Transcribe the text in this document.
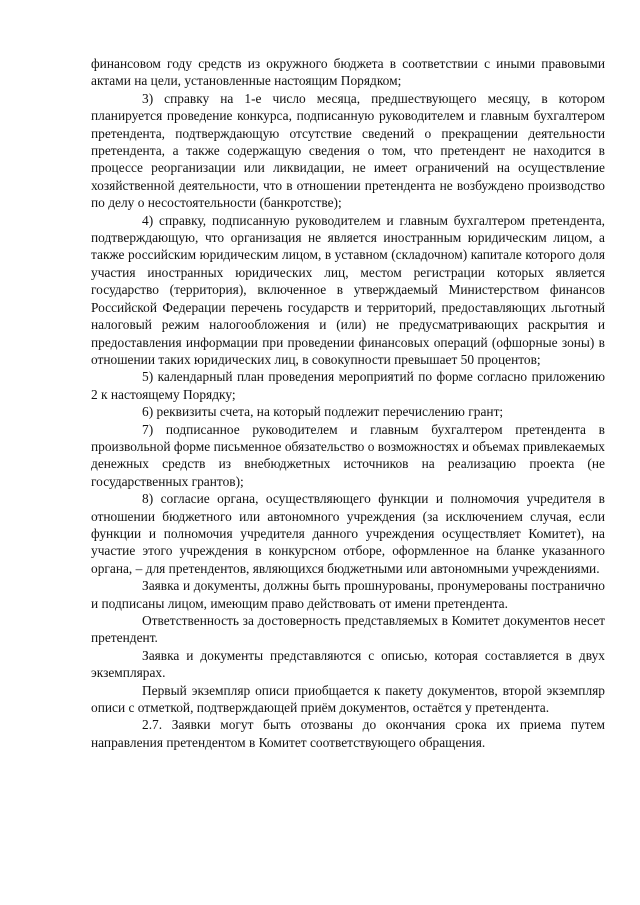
финансовом году средств из окружного бюджета в соответствии с иными правовыми актами на цели, установленные настоящим Порядком;

3) справку на 1-е число месяца, предшествующего месяцу, в котором планируется проведение конкурса, подписанную руководителем и главным бухгалтером претендента, подтверждающую отсутствие сведений о прекращении деятельности претендента, а также содержащую сведения о том, что претендент не находится в процессе реорганизации или ликвидации, не имеет ограничений на осуществление хозяйственной деятельности, что в отношении претендента не возбуждено производство по делу о несостоятельности (банкротстве);

4) справку, подписанную руководителем и главным бухгалтером претендента, подтверждающую, что организация не является иностранным юридическим лицом, а также российским юридическим лицом, в уставном (складочном) капитале которого доля участия иностранных юридических лиц, местом регистрации которых является государство (территория), включенное в утверждаемый Министерством финансов Российской Федерации перечень государств и территорий, предоставляющих льготный налоговый режим налогообложения и (или) не предусматривающих раскрытия и предоставления информации при проведении финансовых операций (офшорные зоны) в отношении таких юридических лиц, в совокупности превышает 50 процентов;

5) календарный план проведения мероприятий по форме согласно приложению 2 к настоящему Порядку;

6) реквизиты счета, на который подлежит перечислению грант;

7) подписанное руководителем и главным бухгалтером претендента в произвольной форме письменное обязательство о возможностях и объемах привлекаемых денежных средств из внебюджетных источников на реализацию проекта (не государственных грантов);

8) согласие органа, осуществляющего функции и полномочия учредителя в отношении бюджетного или автономного учреждения (за исключением случая, если функции и полномочия учредителя данного учреждения осуществляет Комитет), на участие этого учреждения в конкурсном отборе, оформленное на бланке указанного органа, – для претендентов, являющихся бюджетными или автономными учреждениями.

Заявка и документы, должны быть прошнурованы, пронумерованы постранично и подписаны лицом, имеющим право действовать от имени претендента.

Ответственность за достоверность представляемых в Комитет документов несет претендент.

Заявка и документы представляются с описью, которая составляется в двух экземплярах.

Первый экземпляр описи приобщается к пакету документов, второй экземпляр описи с отметкой, подтверждающей приём документов, остаётся у претендента.

2.7. Заявки могут быть отозваны до окончания срока их приема путем направления претендентом в Комитет соответствующего обращения.
